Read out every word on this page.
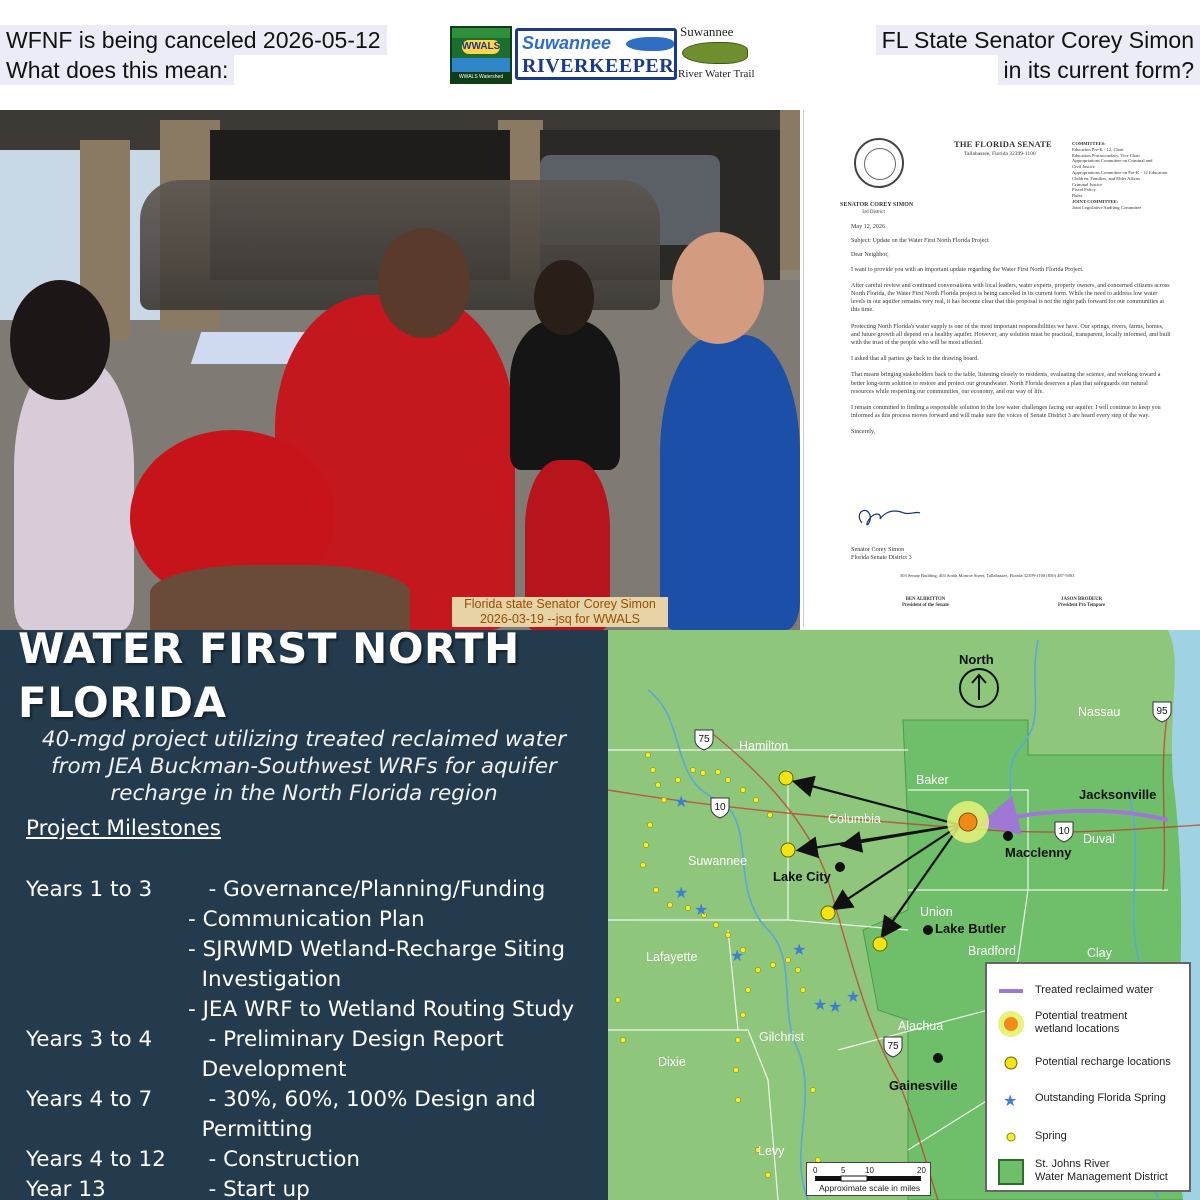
WFNF is being canceled 2026-05-12
What does this mean:
FL State Senator Corey Simon
in its current form?
WWALS
WWALS Watershed Coalition
Suwannee
RIVERKEEPER
Suwannee
River Water Trail
Florida state Senator Corey Simon
2026-03-19 --jsq for WWALS
THE FLORIDA SENATE
Tallahassee, Florida 32399-1100
COMMITTEES:
Education Pre-K - 12, Chair
Education Postsecondary, Vice Chair
Appropriations Committee on Criminal and
Civil Justice
Appropriations Committee on Pre-K - 12 Education
Children, Families, and Elder Affairs
Criminal Justice
Fiscal Policy
Rules
JOINT COMMITTEE:
Joint Legislative Auditing Committee
SENATOR COREY SIMON
3rd District

May 12, 2026

Subject: Update on the Water First North Florida Project

Dear Neighbor,

I want to provide you with an important update regarding the Water First North Florida Project.

After careful review and continued conversations with local leaders, water experts, property owners, and concerned citizens across North Florida, the Water First North Florida project is being canceled in its current form. While the need to address low water levels in our aquifer remains very real, it has become clear that this proposal is not the right path forward for our communities at this time.

Protecting North Florida's water supply is one of the most important responsibilities we have. Our springs, rivers, farms, homes, and future growth all depend on a healthy aquifer. However, any solution must be practical, transparent, locally informed, and built with the trust of the people who will be most affected.

I asked that all parties go back to the drawing board.

That means bringing stakeholders back to the table, listening closely to residents, evaluating the science, and working toward a better long-term solution to restore and protect our groundwater. North Florida deserves a plan that safeguards our natural resources while respecting our communities, our economy, and our way of life.

I remain committed to finding a responsible solution to the low water challenges facing our aquifer. I will continue to keep you informed as this process moves forward and will make sure the voices of Senate District 3 are heard every step of the way.

Sincerely,

Senator Corey Simon
Florida Senate District 3
303 Senate Building, 404 South Monroe Street, Tallahassee, Florida 32399-1100 (850) 487-5003
BEN ALBRITTON
President of the Senate
JASON BRODEUR
President Pro Tempore
WATER FIRST NORTH FLORIDA
40-mgd project utilizing treated reclaimed water
from JEA Buckman-Southwest WRFs for aquifer
recharge in the North Florida region
Project Milestones
Years 1 to 3 - Governance/Planning/Funding
- Communication Plan
- SJRWMD Wetland-Recharge Siting
Investigation
- JEA WRF to Wetland Routing Study
Years 3 to 4 - Preliminary Design Report
Development
Years 4 to 7 - 30%, 60%, 100% Design and
Permitting
Years 4 to 12 - Construction
Year 13	- Start up
North
★
★
★
★	★
★ ★
★
75
10
95
10
75
Nassau
Hamilton
Baker
Columbia
Suwannee
Duval
Union
Bradford	Clay
Lafayette
Gilchrist
Alachua
Dixie
Levy
Jacksonville
Macclenny
Lake City
Lake Butler
Gainesville
Treated reclaimed water
Potential treatment
wetland locations
Potential recharge locations
★ Outstanding Florida Spring
Spring
St. Johns River
Water Management District
0	5 10	20
Approximate scale in miles
